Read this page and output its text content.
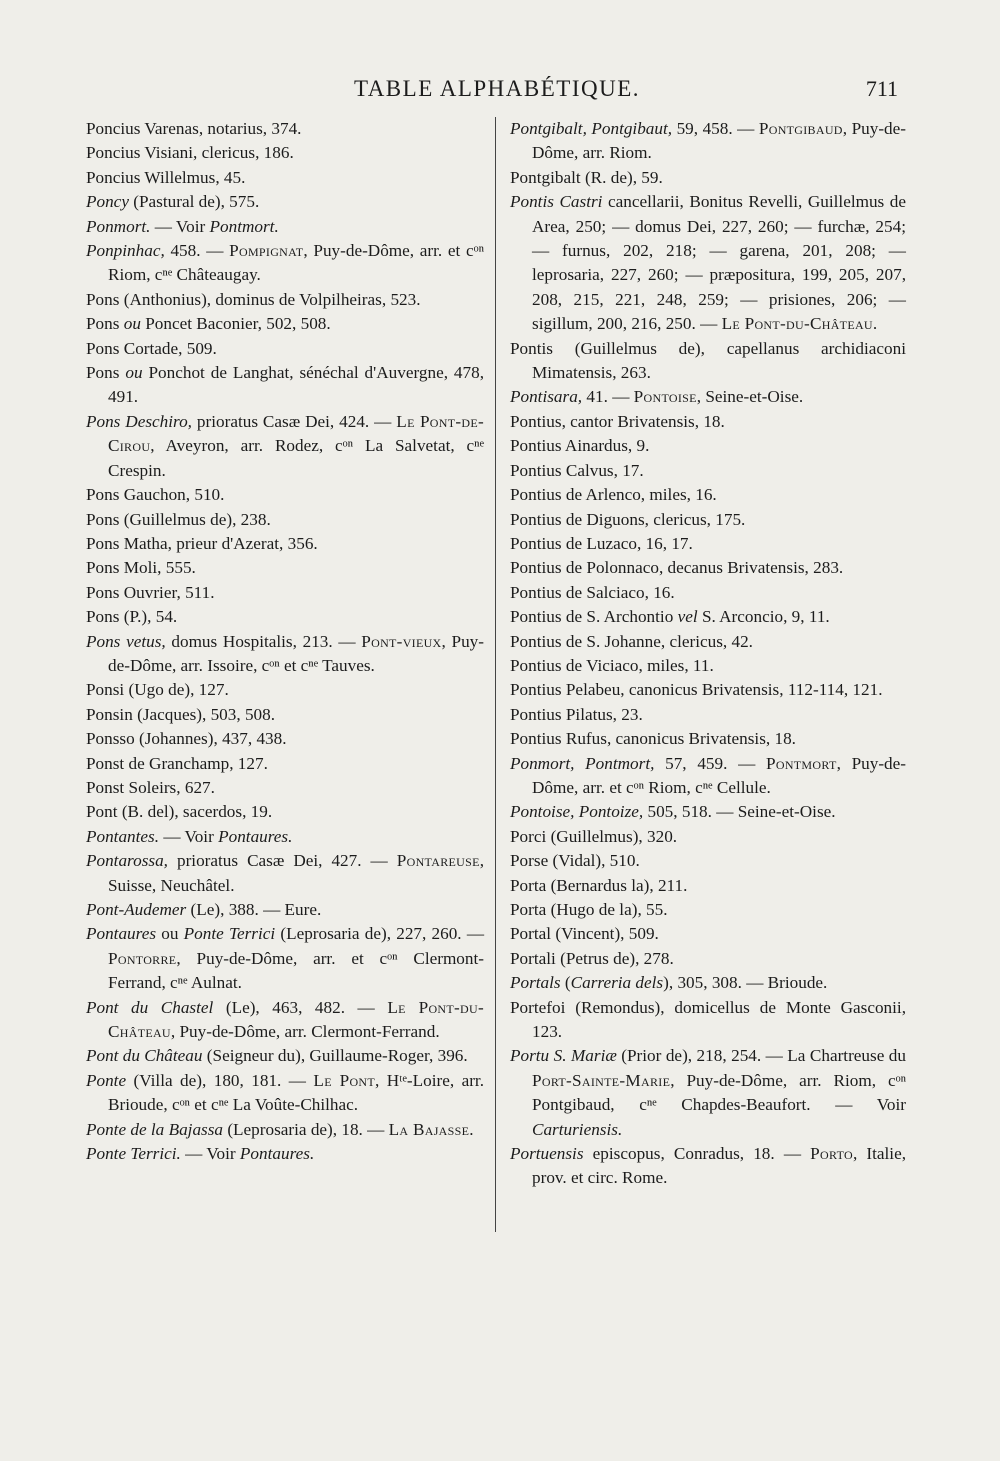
TABLE ALPHABÉTIQUE.	711
Poncius Varenas, notarius, 374.
Poncius Visiani, clericus, 186.
Poncius Willelmus, 45.
Poncy (Pastural de), 575.
Ponmort. — Voir Pontmort.
Ponpinhac, 458. — Pompignat, Puy-de-Dôme, arr. et cᵒⁿ Riom, cⁿᵉ Châteaugay.
Pons (Anthonius), dominus de Volpilheiras, 523.
Pons ou Poncet Baconier, 502, 508.
Pons Cortade, 509.
Pons ou Ponchot de Langhat, sénéchal d'Auvergne, 478, 491.
Pons Deschiro, prioratus Casæ Dei, 424. — Le Pont-de-Cirou, Aveyron, arr. Rodez, cᵒⁿ La Salvetat, cⁿᵉ Crespin.
Pons Gauchon, 510.
Pons (Guillelmus de), 238.
Pons Matha, prieur d'Azerat, 356.
Pons Moli, 555.
Pons Ouvrier, 511.
Pons (P.), 54.
Pons vetus, domus Hospitalis, 213. — Pont-vieux, Puy-de-Dôme, arr. Issoire, cᵒⁿ et cⁿᵉ Tauves.
Ponsi (Ugo de), 127.
Ponsin (Jacques), 503, 508.
Ponsso (Johannes), 437, 438.
Ponst de Granchamp, 127.
Ponst Soleirs, 627.
Pont (B. del), sacerdos, 19.
Pontantes. — Voir Pontaures.
Pontarossa, prioratus Casæ Dei, 427. — Pontareuse, Suisse, Neuchâtel.
Pont-Audemer (Le), 388. — Eure.
Pontaures ou Ponte Terrici (Leprosaria de), 227, 260. — Pontorre, Puy-de-Dôme, arr. et cᵒⁿ Clermont-Ferrand, cⁿᵉ Aulnat.
Pont du Chastel (Le), 463, 482. — Le Pont-du-Château, Puy-de-Dôme, arr. Clermont-Ferrand.
Pont du Château (Seigneur du), Guillaume-Roger, 396.
Ponte (Villa de), 180, 181. — Le Pont, Hᵗᵉ-Loire, arr. Brioude, cᵒⁿ et cⁿᵉ La Voûte-Chilhac.
Ponte de la Bajassa (Leprosaria de), 18. — La Bajasse.
Ponte Terrici. — Voir Pontaures.
Pontgibalt, Pontgibaut, 59, 458. — Pontgibaud, Puy-de-Dôme, arr. Riom.
Pontgibalt (R. de), 59.
Pontis Castri cancellarii, Bonitus Revelli, Guillelmus de Area, 250; — domus Dei, 227, 260; — furchæ, 254; — furnus, 202, 218; — garena, 201, 208; — leprosaria, 227, 260; — præpositura, 199, 205, 207, 208, 215, 221, 248, 259; — prisiones, 206; — sigillum, 200, 216, 250. — Le Pont-du-Château.
Pontis (Guillelmus de), capellanus archidiaconi Mimatensis, 263.
Pontisara, 41. — Pontoise, Seine-et-Oise.
Pontius, cantor Brivatensis, 18.
Pontius Ainardus, 9.
Pontius Calvus, 17.
Pontius de Arlenco, miles, 16.
Pontius de Diguons, clericus, 175.
Pontius de Luzaco, 16, 17.
Pontius de Polonnaco, decanus Brivatensis, 283.
Pontius de Salciaco, 16.
Pontius de S. Archontio vel S. Arconcio, 9, 11.
Pontius de S. Johanne, clericus, 42.
Pontius de Viciaco, miles, 11.
Pontius Pelabeu, canonicus Brivatensis, 112-114, 121.
Pontius Pilatus, 23.
Pontius Rufus, canonicus Brivatensis, 18.
Ponmort, Pontmort, 57, 459. — Pontmort, Puy-de-Dôme, arr. et cᵒⁿ Riom, cⁿᵉ Cellule.
Pontoise, Pontoize, 505, 518. — Seine-et-Oise.
Porci (Guillelmus), 320.
Porse (Vidal), 510.
Porta (Bernardus la), 211.
Porta (Hugo de la), 55.
Portal (Vincent), 509.
Portali (Petrus de), 278.
Portals (Carreria dels), 305, 308. — Brioude.
Portefoi (Remondus), domicellus de Monte Gasconii, 123.
Portu S. Mariæ (Prior de), 218, 254. — La Chartreuse du Port-Sainte-Marie, Puy-de-Dôme, arr. Riom, cᵒⁿ Pontgibaud, cⁿᵉ Chapdes-Beaufort. — Voir Carturiensis.
Portuensis episcopus, Conradus, 18. — Porto, Italie, prov. et circ. Rome.
